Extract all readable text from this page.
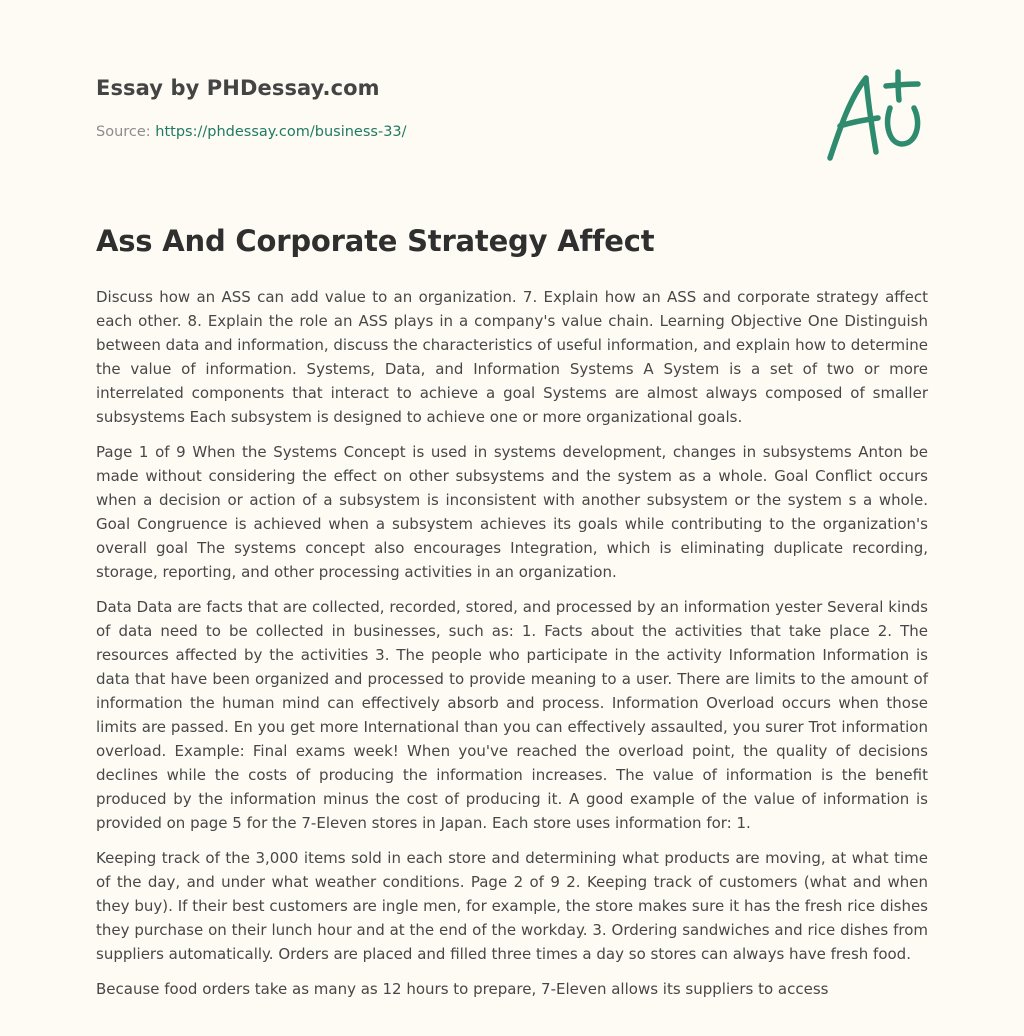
Essay by PHDessay.com
Source: https://phdessay.com/business-33/
Ass And Corporate Strategy Affect

Discuss how an ASS can add value to an organization. 7. Explain how an ASS and corporate strategy affect each other. 8. Explain the role an ASS plays in a company's value chain. Learning Objective One Distinguish between data and information, discuss the characteristics of useful information, and explain how to determine the value of information. Systems, Data, and Information Systems A System is a set of two or more interrelated components that interact to achieve a goal Systems are almost always composed of smaller subsystems Each subsystem is designed to achieve one or more organizational goals.

Page 1 of 9 When the Systems Concept is used in systems development, changes in subsystems Anton be made without considering the effect on other subsystems and the system as a whole. Goal Conflict occurs when a decision or action of a subsystem is inconsistent with another subsystem or the system s a whole. Goal Congruence is achieved when a subsystem achieves its goals while contributing to the organization's overall goal The systems concept also encourages Integration, which is eliminating duplicate recording, storage, reporting, and other processing activities in an organization.

Data Data are facts that are collected, recorded, stored, and processed by an information yester Several kinds of data need to be collected in businesses, such as: 1. Facts about the activities that take place 2. The resources affected by the activities 3. The people who participate in the activity Information Information is data that have been organized and processed to provide meaning to a user. There are limits to the amount of information the human mind can effectively absorb and process. Information Overload occurs when those limits are passed. En you get more International than you can effectively assaulted, you surer Trot information overload. Example: Final exams week! When you've reached the overload point, the quality of decisions declines while the costs of producing the information increases. The value of information is the benefit produced by the information minus the cost of producing it. A good example of the value of information is provided on page 5 for the 7-Eleven stores in Japan. Each store uses information for: 1.

Keeping track of the 3,000 items sold in each store and determining what products are moving, at what time of the day, and under what weather conditions. Page 2 of 9 2. Keeping track of customers (what and when they buy). If their best customers are ingle men, for example, the store makes sure it has the fresh rice dishes they purchase on their lunch hour and at the end of the workday. 3. Ordering sandwiches and rice dishes from suppliers automatically. Orders are placed and filled three times a day so stores can always have fresh food.

Because food orders take as many as 12 hours to prepare, 7-Eleven allows its suppliers to access
